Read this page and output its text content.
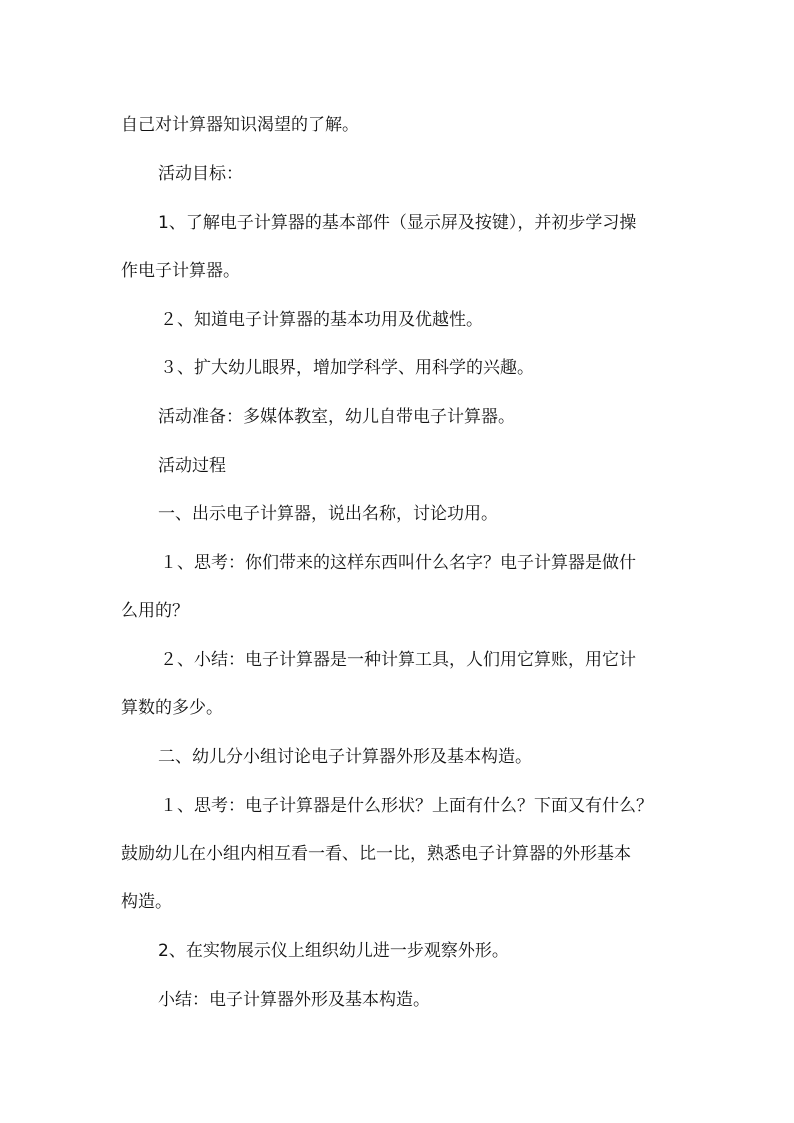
自己对计算器知识渴望的了解。

活动目标：

1、了解电子计算器的基本部件（显示屏及按键），并初步学习操

作电子计算器。

２、知道电子计算器的基本功用及优越性。

３、扩大幼儿眼界，增加学科学、用科学的兴趣。

活动准备：多媒体教室，幼儿自带电子计算器。

活动过程

一、出示电子计算器，说出名称，讨论功用。

１、思考：你们带来的这样东西叫什么名字？电子计算器是做什

么用的？

２、小结：电子计算器是一种计算工具，人们用它算账，用它计

算数的多少。

二、幼儿分小组讨论电子计算器外形及基本构造。

１、思考：电子计算器是什么形状？上面有什么？下面又有什么？

鼓励幼儿在小组内相互看一看、比一比，熟悉电子计算器的外形基本

构造。

2、在实物展示仪上组织幼儿进一步观察外形。

小结：电子计算器外形及基本构造。
